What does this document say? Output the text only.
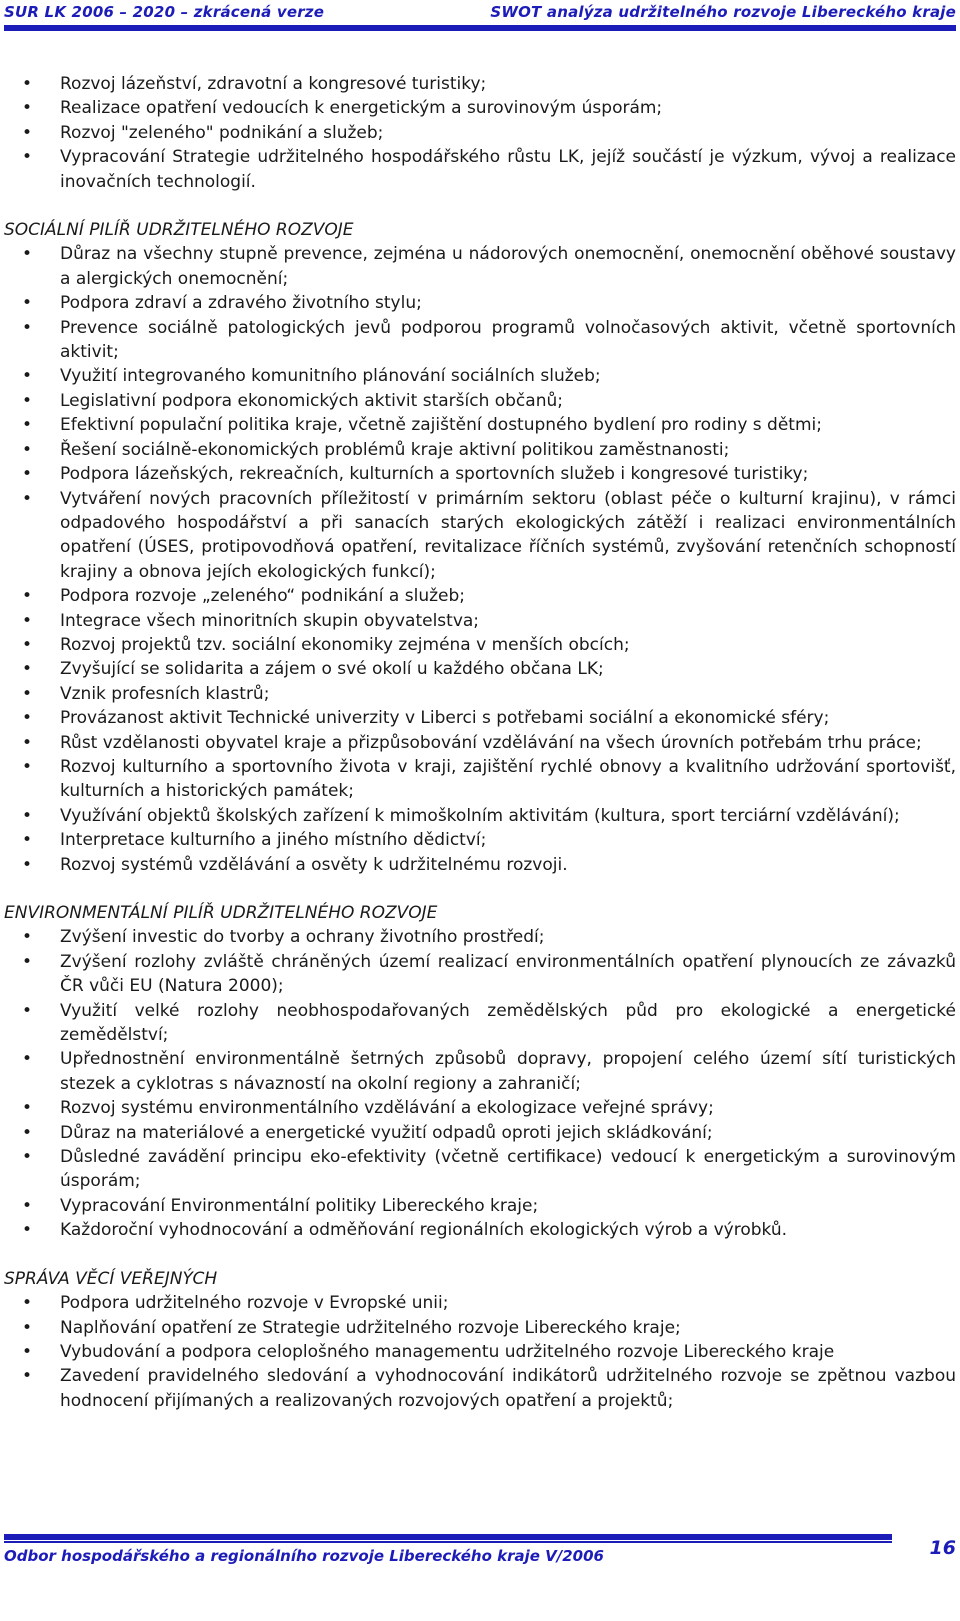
SUR LK 2006 – 2020 – zkrácená verze	SWOT analýza udržitelného rozvoje Libereckého kraje
• Rozvoj lázeňství, zdravotní a kongresové turistiky;
• Realizace opatření vedoucích k energetickým a surovinovým úsporám;
• Rozvoj "zeleného" podnikání a služeb;
• Vypracování Strategie udržitelného hospodářského růstu LK, jejíž součástí je výzkum, vývoj a realizace inovačních technologií.

SOCIÁLNÍ PILÍŘ UDRŽITELNÉHO ROZVOJE

• Důraz na všechny stupně prevence, zejména u nádorových onemocnění, onemocnění oběhové soustavy a alergických onemocnění;
• Podpora zdraví a zdravého životního stylu;
• Prevence sociálně patologických jevů podporou programů volnočasových aktivit, včetně sportovních aktivit;
• Využití integrovaného komunitního plánování sociálních služeb;
• Legislativní podpora ekonomických aktivit starších občanů;
• Efektivní populační politika kraje, včetně zajištění dostupného bydlení pro rodiny s dětmi;
• Řešení sociálně-ekonomických problémů kraje aktivní politikou zaměstnanosti;
• Podpora lázeňských, rekreačních, kulturních a sportovních služeb i kongresové turistiky;
• Vytváření nových pracovních příležitostí v primárním sektoru (oblast péče o kulturní krajinu), v rámci odpadového hospodářství a při sanacích starých ekologických zátěží i realizaci environmentálních opatření (ÚSES, protipovodňová opatření, revitalizace říčních systémů, zvyšování retenčních schopností krajiny a obnova jejích ekologických funkcí);
• Podpora rozvoje „zeleného“ podnikání a služeb;
• Integrace všech minoritních skupin obyvatelstva;
• Rozvoj projektů tzv. sociální ekonomiky zejména v menších obcích;
• Zvyšující se solidarita a zájem o své okolí u každého občana LK;
• Vznik profesních klastrů;
• Provázanost aktivit Technické univerzity v Liberci s potřebami sociální a ekonomické sféry;
• Růst vzdělanosti obyvatel kraje a přizpůsobování vzdělávání na všech úrovních potřebám trhu práce;
• Rozvoj kulturního a sportovního života v kraji, zajištění rychlé obnovy a kvalitního udržování sportovišť, kulturních a historických památek;
• Využívání objektů školských zařízení k mimoškolním aktivitám (kultura, sport terciární vzdělávání);
• Interpretace kulturního a jiného místního dědictví;
• Rozvoj systémů vzdělávání a osvěty k udržitelnému rozvoji.

ENVIRONMENTÁLNÍ PILÍŘ UDRŽITELNÉHO ROZVOJE

• Zvýšení investic do tvorby a ochrany životního prostředí;
• Zvýšení rozlohy zvláště chráněných území realizací environmentálních opatření plynoucích ze závazků ČR vůči EU (Natura 2000);
• Využití velké rozlohy neobhospodařovaných zemědělských půd pro ekologické a energetické zemědělství;
• Upřednostnění environmentálně šetrných způsobů dopravy, propojení celého území sítí turistických stezek a cyklotras s návazností na okolní regiony a zahraničí;
• Rozvoj systému environmentálního vzdělávání a ekologizace veřejné správy;
• Důraz na materiálové a energetické využití odpadů oproti jejich skládkování;
• Důsledné zavádění principu eko-efektivity (včetně certifikace) vedoucí k energetickým a surovinovým úsporám;
• Vypracování Environmentální politiky Libereckého kraje;
• Každoroční vyhodnocování a odměňování regionálních ekologických výrob a výrobků.

SPRÁVA VĚCÍ VEŘEJNÝCH

• Podpora udržitelného rozvoje v Evropské unii;
• Naplňování opatření ze Strategie udržitelného rozvoje Libereckého kraje;
• Vybudování a podpora celoplošného managementu udržitelného rozvoje Libereckého kraje
• Zavedení pravidelného sledování a vyhodnocování indikátorů udržitelného rozvoje se zpětnou vazbou hodnocení přijímaných a realizovaných rozvojových opatření a projektů;
Odbor hospodářského a regionálního rozvoje Libereckého kraje V/2006	16
